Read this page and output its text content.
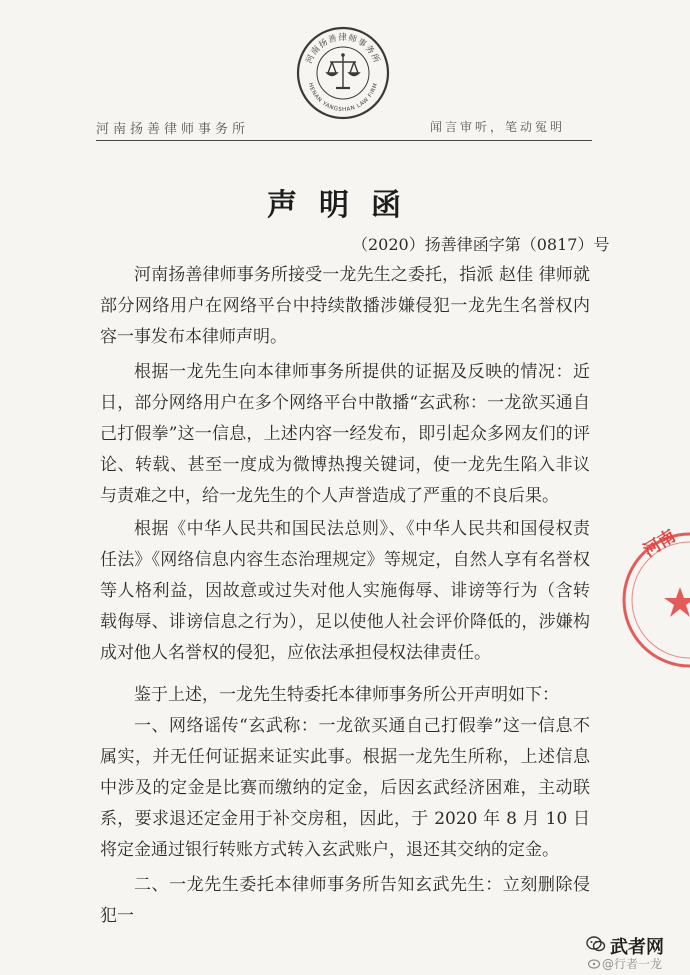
河南扬善律师事务所
HENAN YANGSHAN LAW FIRM
河南扬善律师事务所	闻言审听，笔动冤明
声明函
（2020）扬善律函字第（0817）号

河南扬善律师事务所接受一龙先生之委托，指派 赵佳 律师就部分网络用户在网络平台中持续散播涉嫌侵犯一龙先生名誉权内容一事发布本律师声明。

根据一龙先生向本律师事务所提供的证据及反映的情况：近日，部分网络用户在多个网络平台中散播“玄武称：一龙欲买通自己打假拳”这一信息，上述内容一经发布，即引起众多网友们的评论、转载、甚至一度成为微博热搜关键词，使一龙先生陷入非议与责难之中，给一龙先生的个人声誉造成了严重的不良后果。

根据《中华人民共和国民法总则》、《中华人民共和国侵权责任法》《网络信息内容生态治理规定》等规定，自然人享有名誉权等人格利益，因故意或过失对他人实施侮辱、诽谤等行为（含转载侮辱、诽谤信息之行为），足以使他人社会评价降低的，涉嫌构成对他人名誉权的侵犯，应依法承担侵权法律责任。

鉴于上述，一龙先生特委托本律师事务所公开声明如下：

一、网络谣传“玄武称：一龙欲买通自己打假拳”这一信息不属实，并无任何证据来证实此事。根据一龙先生所称，上述信息中涉及的定金是比赛而缴纳的定金，后因玄武经济困难，主动联系，要求退还定金用于补交房租，因此，于 2020 年 8 月 10 日将定金通过银行转账方式转入玄武账户，退还其交纳的定金。

二、一龙先生委托本律师事务所告知玄武先生：立刻删除侵犯一

河南
武者网
@行者一龙
